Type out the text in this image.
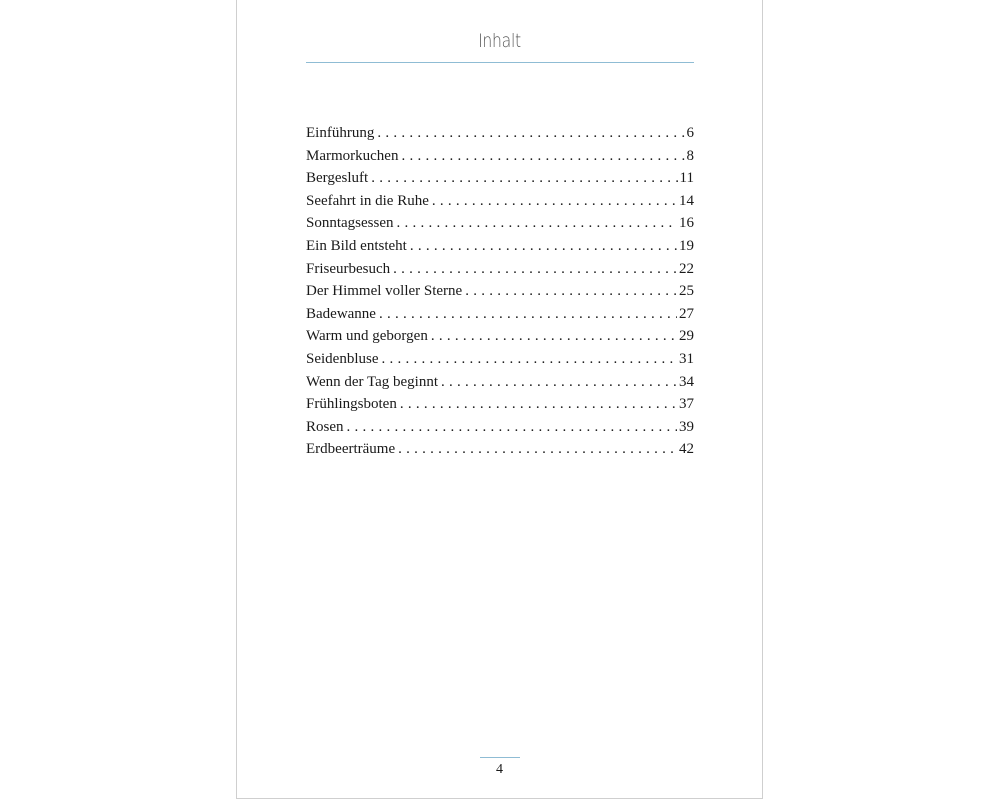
Inhalt
Einführung . . .	6
Marmorkuchen . . .	8
Bergesluft . . .	11
Seefahrt in die Ruhe . . .	14
Sonntagsessen . . .	16
Ein Bild entsteht . . .	19
Friseurbesuch . . .	22
Der Himmel voller Sterne . . .	25
Badewanne . . .	27
Warm und geborgen . . .	29
Seidenbluse . . .	31
Wenn der Tag beginnt . . .	34
Frühlingsboten . . .	37
Rosen . . .	39
Erdbeerträume . . .	42
4
